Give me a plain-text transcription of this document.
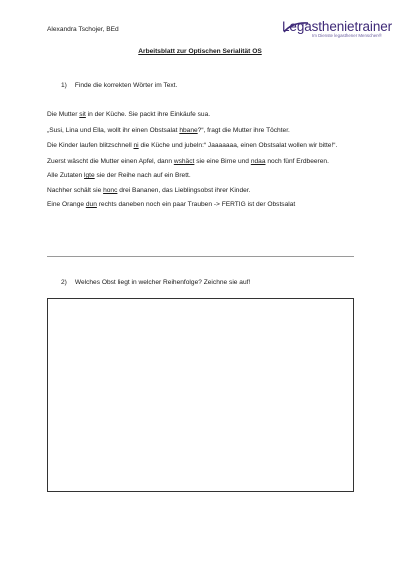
Alexandra Tschojer, BEd	Legasthenietrainer
Im Dienste legasthener Menschen®
Arbeitsblatt zur Optischen Serialität OS
1) Finde die korrekten Wörter im Text.

Die Mutter sit in der Küche. Sie packt ihre Einkäufe sua.

„Susi, Lina und Ella, wollt ihr einen Obstsalat hbane?“, fragt die Mutter ihre Töchter.

Die Kinder laufen blitzschnell ni die Küche und jubeln:“ Jaaaaaaa, einen Obstsalat wollen wir bitte!“.

Zuerst wäscht die Mutter einen Apfel, dann wshäct sie eine Birne und ndaa noch fünf Erdbeeren.

Alle Zutaten lgte sie der Reihe nach auf ein Brett.

Nachher schält sie honc drei Bananen, das Lieblingsobst ihrer Kinder.

Eine Orange dun rechts daneben noch ein paar Trauben -> FERTIG ist der Obstsalat

2) Welches Obst liegt in welcher Reihenfolge? Zeichne sie auf!
